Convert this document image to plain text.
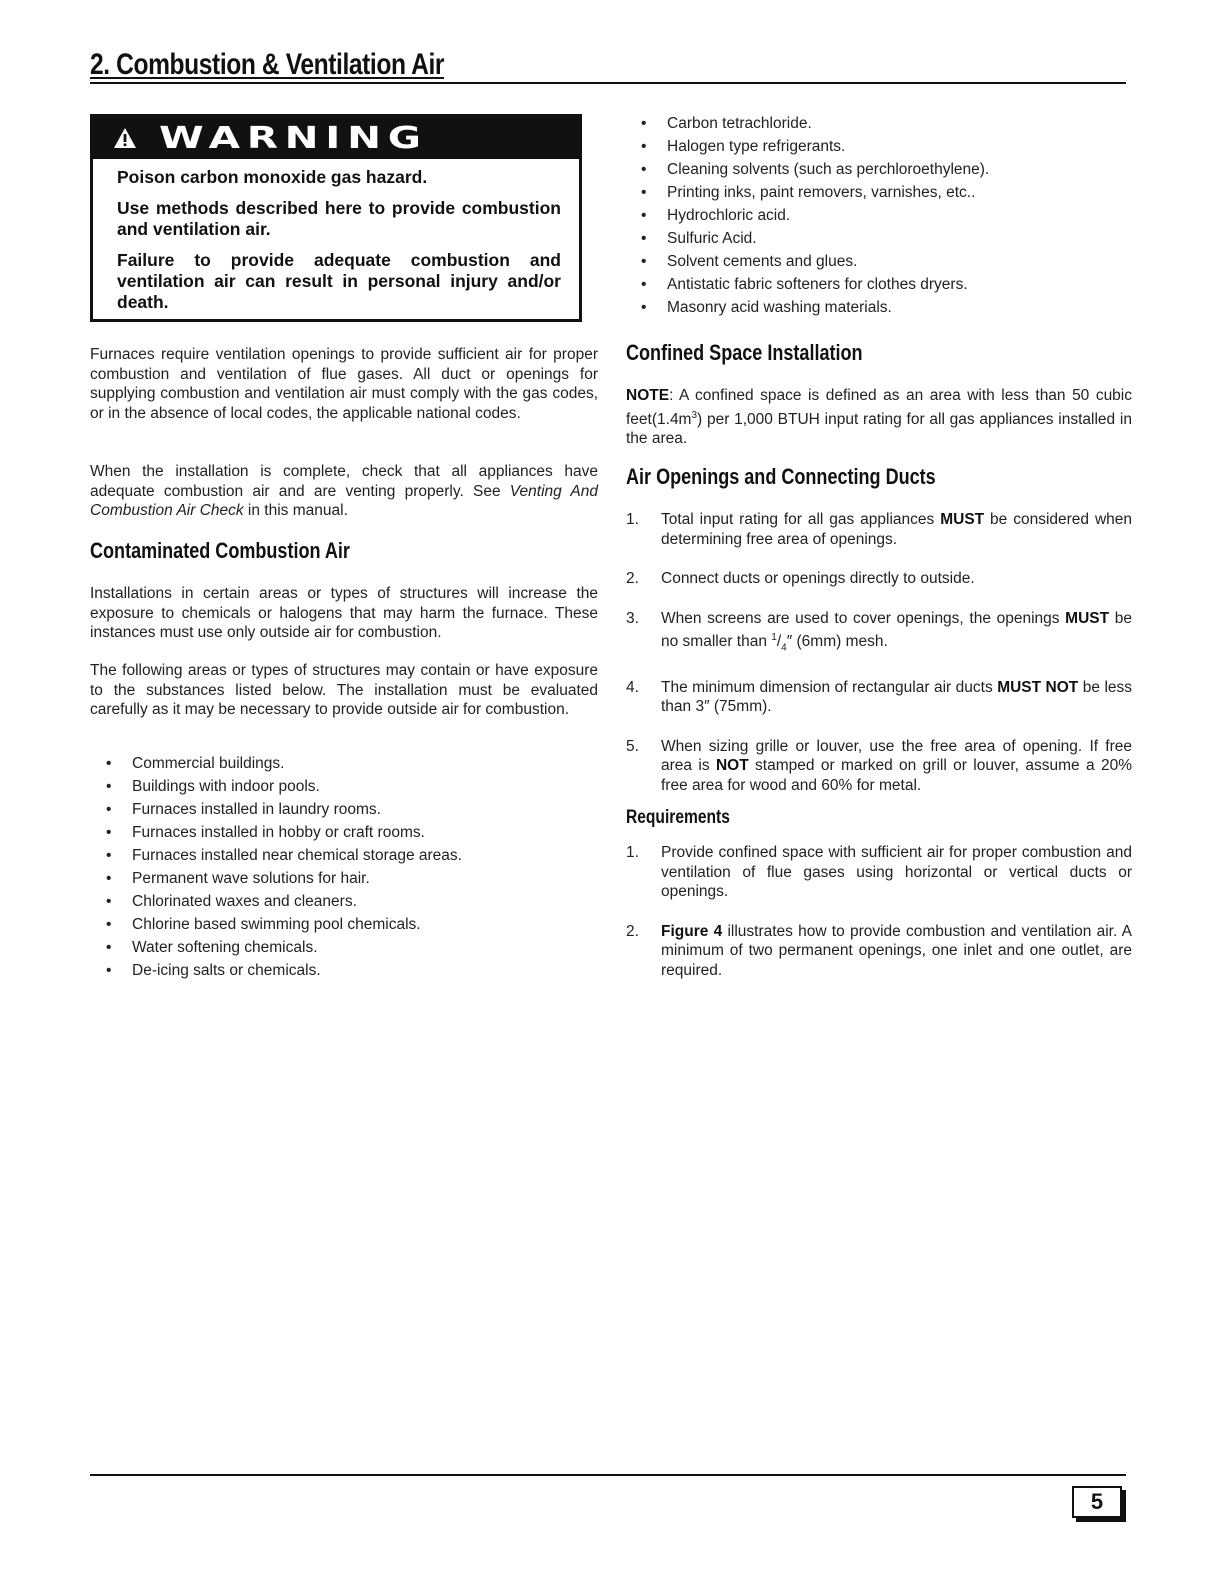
2. Combustion & Ventilation Air
WARNING

Poison carbon monoxide gas hazard.

Use methods described here to provide combustion and ventilation air.

Failure to provide adequate combustion and ventilation air can result in personal injury and/or death.

Furnaces require ventilation openings to provide sufficient air for proper combustion and ventilation of flue gases. All duct or openings for supplying combustion and ventilation air must comply with the gas codes, or in the absence of local codes, the applicable national codes.

When the installation is complete, check that all appliances have adequate combustion air and are venting properly. See Venting And Combustion Air Check in this manual.

Contaminated Combustion Air

Installations in certain areas or types of structures will increase the exposure to chemicals or halogens that may harm the furnace. These instances must use only outside air for combustion.

The following areas or types of structures may contain or have exposure to the substances listed below. The installation must be evaluated carefully as it may be necessary to provide outside air for combustion.

• Commercial buildings.
• Buildings with indoor pools.
• Furnaces installed in laundry rooms.
• Furnaces installed in hobby or craft rooms.
• Furnaces installed near chemical storage areas.
• Permanent wave solutions for hair.
• Chlorinated waxes and cleaners.
• Chlorine based swimming pool chemicals.
• Water softening chemicals.
• De-icing salts or chemicals.
• Carbon tetrachloride.
• Halogen type refrigerants.
• Cleaning solvents (such as perchloroethylene).
• Printing inks, paint removers, varnishes, etc..
• Hydrochloric acid.
• Sulfuric Acid.
• Solvent cements and glues.
• Antistatic fabric softeners for clothes dryers.
• Masonry acid washing materials.
Confined Space Installation

NOTE: A confined space is defined as an area with less than 50 cubic $feet(1.4m^3)$ per 1,000 BTUH input rating for all gas appliances installed in the area.

Air Openings and Connecting Ducts
1. Total input rating for all gas appliances MUST be considered when determining free area of openings.
2. Connect ducts or openings directly to outside.
3. When screens are used to cover openings, the openings MUST be no smaller than $^1/_4''$ (6mm) mesh.
4. The minimum dimension of rectangular air ducts MUST NOT be less than 3″ (75mm).
5. When sizing grille or louver, use the free area of opening. If free area is NOT stamped or marked on grill or louver, assume a 20% free area for wood and 60% for metal.
Requirements
1. Provide confined space with sufficient air for proper combustion and ventilation of flue gases using horizontal or vertical ducts or openings.
2. Figure 4 illustrates how to provide combustion and ventilation air. A minimum of two permanent openings, one inlet and one outlet, are required.
5
